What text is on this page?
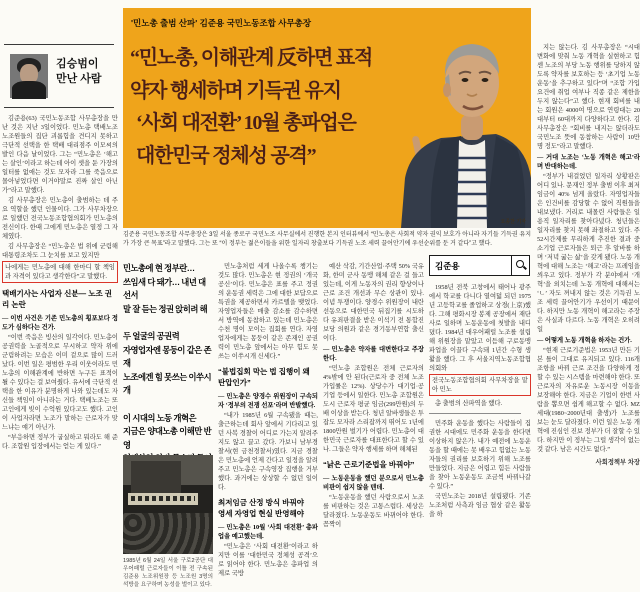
김승범이
만난 사람
김준용(63) 국민노동조합 사무총장을 만난 것은 지난 3일이었다. 민노총 택배노조 노조원들의 집단 괴롭힘을 견디지 못하고 극단적 선택을 한 택배 대리점주 이모씨의 발인 다음 날이었다. 그는 “민노총은 ‘해고는 살인’이라고 하는데 아이 셋을 둔 가장의 일터를 없애는 것도 모자라 그를 죽음으로 몰아넣었다면 이거야말로 진짜 살인 아닌가”라고 말했다.
김 사무총장은 민노총이 출범하는 데 주요 역할을 했던 인물이다. 그가 사무차장으로 일했던 전국노동조합협의회가 민노총의 전신이다. 한때 그에게 민노총은 열정 그 자체였다.
김 사무총장은 “민노총은 법 위에 군림해 대통령조차도 그 눈치를 보고 있지만
나에게는 민노총에 대해 한마디 할 책임과 자격이 있다고 생각한다”고 말했다.
택배기사는 사업자 신분― 노조 권리 논란
― 이번 사건은 기존 민노총의 횡포보다 정도가 심하다는 건가.
“이번 죽음은 빙산의 일각이다. 민노총이 공권력을 노골적으로 무시하고 약자 위에 군림하려는 모습은 이미 겉으로 많이 드러났다. 이번 일은 평범한 우리 이웃이라도 민노총의 이해관계에 반하면 누구든 표적이 될 수 있다는 걸 보여줬다. 유서에 극단적 선택을 한 이유가 분명하게 나와 있는데도 자신들 책임이 아니라는 거다. 택배노조는 또 고인에게 빚이 수억원 있다고도 했다. 고인이 사업자라면 노조가 말하는 근로자가 맞느냐는 얘기 아닌가.
“부응하면 정부가 굽실하고 뭐라도 해 준다. 조합원 입장에서는 얻는 게 있다.”
'민노총 출범 산파' 김준용 국민노동조합 사무총장
“민노총, 이해관계 反하면 표적
약자 행세하며 기득권 유지
‘사회 대전환’ 10월 총파업은
대한민국 정체성 공격”
오종찬 기자
김준용 국민노동조합 사무총장은 3일 서울 종로구 국민노조 사무실에서 진행한 본지 인터뷰에서 “민노총은 사회적 약자 권익 보호가 아니라 자기들 기득권 유지가 가장 큰 목표”라고 말했다. 그는 또 “이 정부는 젊은이들을 위한 일자리 창출보다 기득권 노조 세력 끌어안기에 우선순위를 둔 거 같다”고 했다.
김준용
민노총에 현 정부란…
쓰임새 다 돼가… 내년 대선서
말 잘 듣는 정권 앉히려 해
두 얼굴의 공권력
자영업자엔 몽둥이 같은 존재
노조에겐 힘 못쓰는 이쑤시개
이 시대의 노동 개혁은
지금은 양대노총 이해만 반영
민노총처럼 세게 나올수록 챙기는 것도 많다. 민노총은 현 정권의 ‘개국 공신’이다. 민노총은 표를 주고 정권의 운동권 세력은 그에 대한 보답으로 특권을 제공하면서 카르텔을 맺었다. 자영업자들은 매출 감소를 감수하면서 방역에 동참하고 있는데 민노총은 수천 명이 모이는 집회를 연다. 자영업자에게는 몽둥이 같은 존재인 공권력이 민노총 앞에서는 아무 힘도 못 쓰는 이쑤시개 신세다.”
“불법집회 막는 법 집행이 왜 탄압인가”
― 민노총은 양경수 위원장이 구속되자 ‘정부의 전쟁 선포’라며 반발했다.
“내가 1985년 6월 구속됐을 때는, 출근하는데 회사 앞에서 기다리고 있던 사복 경찰이 어디로 가는지 알려주지도 않고 끌고 갔다. 가보니 남부경찰서(현 금천경찰서)였다. 지금 경찰은 민노총에 언제 간다고 일정을 알려주고 민노총은 구속영장 집행을 거부했다. 과거에는 상상할 수 없던 일이다.
최저임금 산정 방식 바꿔야
영세 자영업 현실 반영해야
― 민노총은 10월 ‘사회 대전환’ 총파업을 예고했는데.
“민노총은 ‘사회 대전환’이라고 하지만 이를 ‘대한민국 정체성 공격’으로 읽어야 한다. 민노총은 총파업 의제로 국방
예산 삭감, 기간산업·주택 50% 국유화, 한미 군사 동맹 해체 같은 걸 들고 있는데, 이게 노동자의 권리 향상이나 근로 조건 개선과 무슨 상관이 있나. 이념 투쟁이다. 양경수 위원장이 내란 선동으로 대한민국 뒤집기를 시도하다 유죄판결을 받은 이석기 전 통합진보당 의원과 같은 경기동부연합 출신이다.
― 민노총은 약자를 대변한다고 주장한다.
“민노총 조합원은 전체 근로자의 4%밖에 안 된다(근로자 중 전체 노조 가입률은 12%). 상당수가 대기업·공기업 등에서 일한다. 민노총 조합원은 도시 근로자 평균 임금(299만원)의 두 배 이상을 받는다. 청년 알바생들은 투잡도 모자라 스리잡까지 뛰어도 1년에 1800만원 벌기가 어렵다. 민노총이 대한민국 근로자를 대표한다고 할 수 있나. 그들은 약자 행세를 하며 해체된
“낡은 근로기준법을 바꿔야”
― 노동운동을 했던 분으로서 민노총 비판이 쉽지 않을 텐데.
“노동운동을 했던 사람으로서 노조를 비판하는 것은 고통스럽다. 세상은 달라졌다. 노동운동도 바뀌어야 한다. 꼼짝이
1958년 전북 고창에서 태어나 광주에서 학교를 다니다 열여덟 되던 1975년 고등학교를 졸업하고 상경(上京)했다. 그해 평화시장 봉제 공장에서 재단사로 일하며 노동운동에 첫발을 내디뎠다. 1984년 대우어패럴 노조를 설립해 위원장을 맡았고 이듬해 구로동맹파업을 이끌다 구속돼 1년간 수형 생활을 했다. 그 후 서울지역노동조합협의회와
전국노동조합협의회 사무차장을 맡아 민노
총 출범의 산파역을 했다.
민주화 운동을 했다는 사람들이 집권한 시대에도 민주화 운동을 한다면 이상하지 않은가. 내가 예전에 노동운동을 할 때에는 못 배우고 힘없는 노동자들의 권리를 보호하기 위해 노조를 만들었다. 지금은 어렵고 힘든 사람들을 찾아 노동운동도 조금씩 바꿔나갈 수 있다.”
국민노조는 2018년 설립됐다. 기존 노조처럼 사측과 임금 협상 같은 활동을 하
지는 않는다. 김 사무총장은 “시대 변화에 맞춰 노동 개혁을 실현하고 힘센 노조의 부당 노동 행위를 당하지 않도록 약자를 보호하는 등 ‘초기업 노동운동’을 추구하고 있다”며 “조합 가입 요건에 취업 여부나 직종 같은 제한을 두지 않는다”고 했다. 현재 회비를 내는 회원은 4000여 명으로 연령대는 20대부터 60대까지 다양하다고 한다. 김 사무총장은 “회비를 내지는 않더라도 국민노조 뜻에 동참하는 사람이 10만명 정도”라고 말했다.
― 거대 노조는 ‘노동 개혁은 해고’라며 반대하는데.
“정부가 내걸었던 일자리 상황판은 어디 있나. 문재인 정부 출범 이후 최저임금이 40% 넘게 올랐다. 자영업자들은 인건비를 감당할 수 없어 직원들을 내보냈다. 거리로 내몰린 사람들은 일용직 일자리를 찾아다녔다. 청년들은 일자리를 찾지 못해 좌절하고 있다. 주 52시간제를 무리하게 추진한 결과 중소기업 근로자들은 퇴근 후 알바를 하며 ‘저녁 굶는 삶’을 갖게 됐다. 노동 개혁에 대해 노조는 ‘해고’라는 프레임을 씌우고 있다. 정부가 각 분야에서 ‘개혁’을 외치는데 노동 개혁에 대해서는 ‘ㄴ’ 자도 꺼내지 않는 것은 기득권 노조 세력 끌어안기가 우선이기 때문이다. 하지만 노동 개혁이 해고라는 주장은 사실과 다르다. 노동 개혁은 오히려 일
― 어떻게 노동 개혁을 하자는 건가.
“현재 근로기준법은 1953년 만든 기본 틀이 그대로 유지되고 있다. 116개 조항을 바꿔 근로 조건을 다양하게 정할 수 있는 시스템을 마련해야 한다. 또 근로자의 자유로운 노동시장 이동을 보장해야 한다. 지금은 기업이 한번 사람을 뽑으면 쉽게 해고할 수 없다. MZ세대(1980~2000년대 출생)가 노조를 보는 눈도 달라졌다. 이런 일은 노동 개혁에 진심인 진보 정부가 더 잘할 수 있다. 하지만 이 정부는 그럴 생각이 없는 것 같다. 남은 시간도 없다.”
사회정책부 차장
1985년 6월 24일 서울 구로2공단 대우어패럴 근로자들이 이틀 전 구속된 김준용 노조위원장 등 노조원 3명의 석방을 요구하며 농성을 벌이고 있다.
